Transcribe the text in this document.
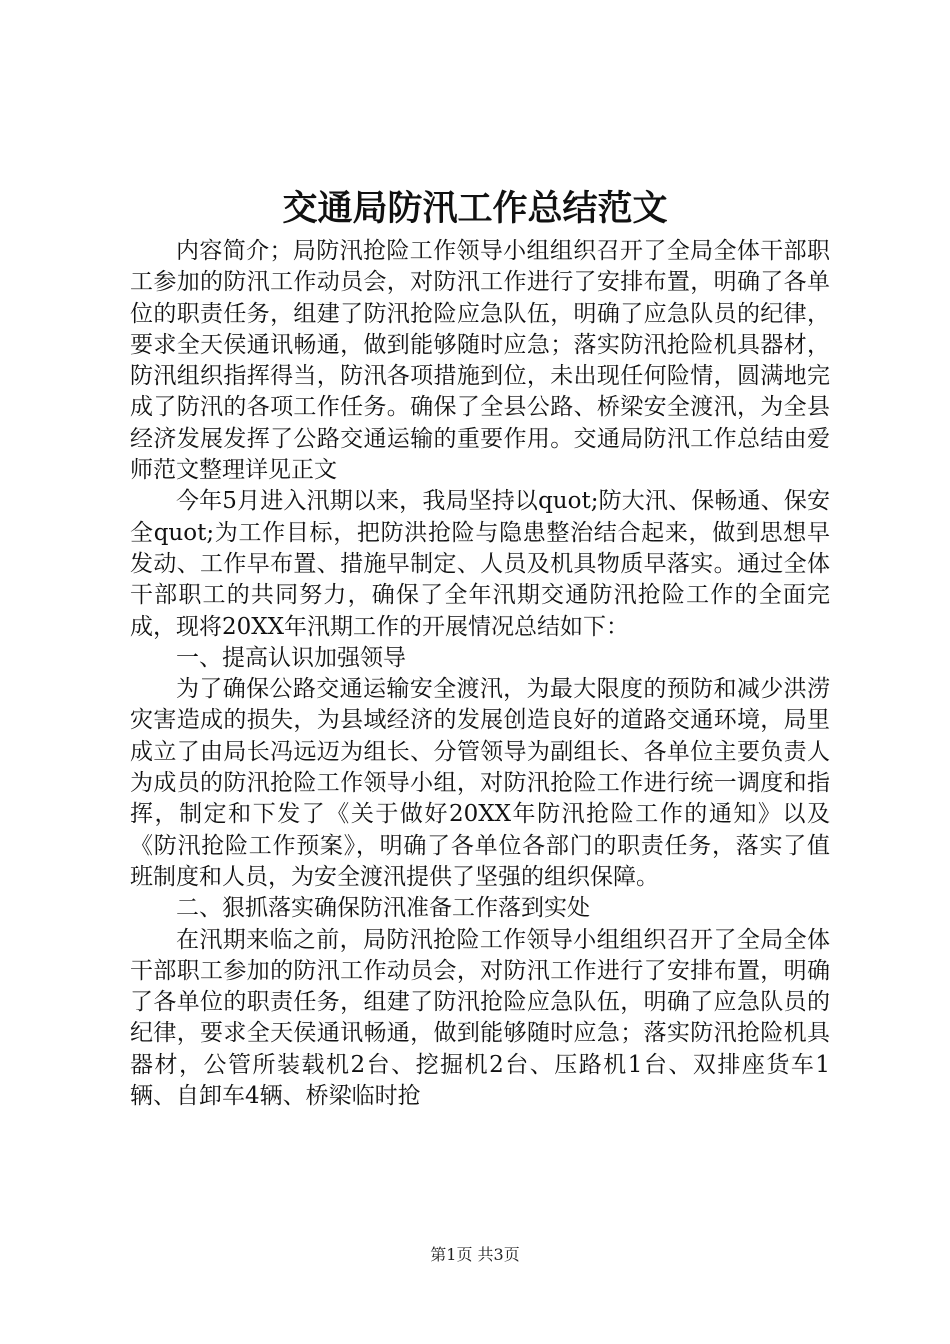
交通局防汛工作总结范文

内容简介；局防汛抢险工作领导小组组织召开了全局全体干部职工参加的防汛工作动员会，对防汛工作进行了安排布置，明确了各单位的职责任务，组建了防汛抢险应急队伍，明确了应急队员的纪律，要求全天侯通讯畅通，做到能够随时应急；落实防汛抢险机具器材，防汛组织指挥得当，防汛各项措施到位，未出现任何险情，圆满地完成了防汛的各项工作任务。确保了全县公路、桥梁安全渡汛，为全县经济发展发挥了公路交通运输的重要作用。交通局防汛工作总结由爱师范文整理详见正文

今年5月进入汛期以来，我局坚持以quot;防大汛、保畅通、保安全quot;为工作目标，把防洪抢险与隐患整治结合起来，做到思想早发动、工作早布置、措施早制定、人员及机具物质早落实。通过全体干部职工的共同努力，确保了全年汛期交通防汛抢险工作的全面完成，现将20XX年汛期工作的开展情况总结如下：

一、提高认识加强领导

为了确保公路交通运输安全渡汛，为最大限度的预防和减少洪涝灾害造成的损失，为县域经济的发展创造良好的道路交通环境，局里成立了由局长冯远迈为组长、分管领导为副组长、各单位主要负责人为成员的防汛抢险工作领导小组，对防汛抢险工作进行统一调度和指挥，制定和下发了《关于做好20XX年防汛抢险工作的通知》以及《防汛抢险工作预案》，明确了各单位各部门的职责任务，落实了值班制度和人员，为安全渡汛提供了坚强的组织保障。

二、狠抓落实确保防汛准备工作落到实处

在汛期来临之前，局防汛抢险工作领导小组组织召开了全局全体干部职工参加的防汛工作动员会，对防汛工作进行了安排布置，明确了各单位的职责任务，组建了防汛抢险应急队伍，明确了应急队员的纪律，要求全天侯通讯畅通，做到能够随时应急；落实防汛抢险机具器材，公管所装载机2台、挖掘机2台、压路机1台、双排座货车1辆、自卸车4辆、桥梁临时抢

第1页 共3页
